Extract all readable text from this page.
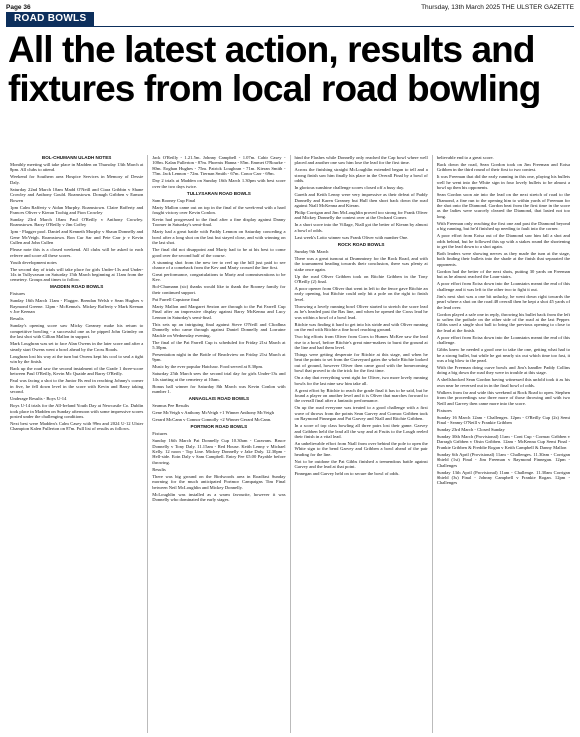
Page 36	Thursday, 13th March 2025 THE ULSTER GAZETTE
ROAD BOWLS
All the latest action, results and
fixtures from local road bowling

BOL-CHUMANN ULADH NOTES

Monthly meeting will take place in Madden on Thursday 13th March at 8pm. All clubs to attend.

Weekend for Southern area Hospice Services in Memory of Dessie Daly.

Saturday 22nd March 10am Madd O'Neill and Ciara Gribbin v Shane Crowley and Anthony Gould. Roamstown. Donagh Gribben v Eamon Bowen

1pm Calm Rafferty v Aidan Murphy. Roamstown. Claire Rafferty and Frances Oliver v Kieran Toohig and Fion Crowley

Sunday 23rd March 10am Paul O'Reilly v Anthony Crowley. Roamstown. Barry O'Reilly v Jim Coffey

1pm - Flagger pool. Daniel and Kenneth Murphy v Shaun Donnelly and Gene McVeigh. Roamstown. Ron Cur Sar and Pete Carr jr v Kevin Cullen and John Cullen

Please note this is a closed weekend. All clubs will be asked to each referee and score all these scores.

Youth development notes

The second day of trials will take place for girls Under-13s and Under-14s in Tullyvarsan on Saturday 15th March beginning at 11am from the cemetery. Groups and times to follow.

MADDEN ROAD BOWLS

Fixtures

Sunday 16th March 11am - Flagger. Brendan Welsh v Sean Hughes v Raymond Greene. 12pm - McKenna's. Mickey Rafferty v Mark Keenan v Joe Keenan

Results

Sunday's opening score saw Micky Greaney make his return to competitive bowling - a successful one as he pipped John Grimley on the last shot with Cillian Mallon in support.

Mark Loughran was set to face Alan Owens in the later score and after a steady start Owens went a bowl ahead by the Cross Roads.

Loughran lost his way at the turn but Owens kept his cool to seal a tight win by the finish.

Back up the road saw the second instalment of the Grade 1 three-score between Paul O'Reilly, Kevin Mc Quaide and Barry O'Reilly.

Paul was facing a shot to the Junior Bs end in reaching Johnny's corner in five, he fell down level in the score with Kevin and Barry taking second.

Underage Results - Boys U-14

Boys U-14 trials for the All-Ireland Youth Day at Newcastle Co. Dublin took place in Madden on Sunday afternoon with some impressive scores posted under the challenging conditions.

Next best were Madden's Calm Casey with 99m and 2024 U-12 Ulster Champion Kalen Fullerton on 87m. Full list of results as follows.

Jack O'Reilly - 1.21.5m. Johnny Campbell - 1.07m. Cahir Casey - 100m. Kalan Fullerton - 87m. Phoenix Hanna - 85m. Emmet O'Rourke - 80m. Eoghan Hughes - 75m. Patrick Loughran - 71m. Kieran Smith - 75m. Jack Lennon - 72m. Tiernan Smith - 67m. Conor Carr - 69m.

Day 2 trials at Madden on Sunday 16th March 1.30pm with best score over the two days twice.

TULLYSARAN ROAD BOWLS

Sam Rooney Cup Final

Marty Mallon came out on top in the final of the week-end with a hard fought victory over Kevin Conlon.

Kevin had progressed to the final after a fine display against Danny Toomer in Saturday's semi-final.

Marty had a great battle with Paddy Lennon on Saturday conceding a bowl after a long shot on the last but stayed close, and with winning on the last shot.

The final did not disappoint and Marty had to be at his best to come good over the second half of the course.

A stunning shot from the new tee to reel up the hill just paid to see chance of a comeback from the Kev and Marty crossed the line first.

Great performance, congratulations to Marty and commiserations to be Kev.

Bol-Chumann (sic) thanks would like to thank the Rooney family for their continued support.

Pat Farrell Capstone final

Marty Mallon and Margaret Sexton are through to the Pat Farrell Cup Final after an impressive display against Barry McKenna and Lucy Lennon in Saturday's semi-final.

This sets up an intriguing final against Steve O'Neill and Cliodhna Donnelly who came through against Daniel Donnelly and Lorraine Mackle on Wednesday evening.

The final of the Pat Farrell Cup is scheduled for Friday 21st March at 5.30pm.

Presentation night in the Bottle of Beachview on Friday 21st March at 9pm.

Music by the ever popular Hatchaw. Food served at 8.30pm.

Saturday 25th March sees the second trial day for girls Under-13s and 14s starting at the cemetery at 10am.

Bonus ball winner for Saturday 8th March was Kevin Conlon with number 1.

ANNAGLAIS ROAD BOWLS

Seamus Pee Results

Gene McVeigh v Anthony McVeigh +1 Winner Anthony McVeigh

Gerard McCann v Connor Connolly +2 Winner Gerard McCann.

PORTMOR ROAD BOWLS

Fixtures

Sunday 16th March Pat Donnelly Cup 10.30am - Caravans. Bruce Donnelly v Tony Daly. 11.15am - Red House. Keith Lenny v Michael Kelly. 12 noon - Top Line. Mickey Donnelly v Jake Daly. 12.30pm - Hell-side. Eoin Daly v Sam Campbell. Entry Fee £5.00 Payable before throwing.

Results

There was big ground on the Birdwoods area in Roadfast Sunday morning for the much anticipated Portmor Campaigns Tim Final between Neil McLoughlin and Mickey Donnelly.

McLoughlin was installed as a warm favourite, however it was Donnelly who dominated the early stages.

hind the Flashes while Donnelly only reached the Cap bowl where well placed and another one saw him lose the lead for the first time.

Across the finishing straight McLoughlin extended began to tell and a strong finish saw him finally his place in the Overall Final by a bowl of odds.

In glorious sunshine challenge scores closed off a busy day.

Gareth and Keith Lenny were very impressive as their defeat of Paddy Donnelly and Karen Greaney but Hull then short back down the road against Niall McKenna and Kieran.

Philip Corrigan and Jim McLoughlin proved too strong for Frank Oliver and Mickey Donnelly the contest over at the Orchard Corner.

In a short score into the Village, Niall got the better of Kieran by almost a bowl of odds.

Last week's Lotto winner was Frank Oliver with number One.

ROCK ROAD BOWLS

Sunday 9th March

There was a great turnout at Drumminey for the Rock Road, and with the tournament heading towards their conclusion, there was plenty at stake once again.

Up the road Oliver Gribben took on Ritchie Gribben in the Tony O'Reilly (2) final.

A poor opener from Oliver that went in left to the fence gave Ritchie an early opening, but Ritchie could only hit a pole on the right to finish level.

Throwing a lovely running bowl Oliver started to stretch the score lead as he's headed past the Bas line, and when he opened the Cross lead he was within a bowl of a bowl lead.

Ritchie was finding it hard to get into his stride and with Oliver running on the end with Ritchie a fine bowl reaching ground.

Two big efforts from Oliver from Corrs to Humes McKee saw the lead rise to a bowl, before Ritchie's great nine-makers to burst the ground at the line and had them level.

Things were getting desperate for Ritchie at this stage, and when he beat the points to set from the Graveyard gates the whole Ritchie looked out of ground, however Oliver then came good with the homecoming bowl that proved to do the trick for the first time.

On a day that everything went right for Oliver, two more lovely running bowls for the last nine saw him take all.

A great effort by Ritchie to reach the grade final it has to be said, but he found a player on another level and it is Oliver that marches forward to the overall final after a fantastic performance.

On up the road everyone was treated to a good challenge with a first wave of throws from the points Sean Garvey and Cormac Gribben took on Raymond Finnegan and Pat Garvey and Niall and Ritchie Gribben.

In a score of top class bowling all three pairs lost their game. Garvey and Gribben held the lead all the way and at Fruits to the Lough reeled their finish in a vital lead.

An unbelievable effort from Niall from over behind the pole to open the White sign to the bend Garvey and Gribben a bowl ahead of the pair heading for the line.

Not to be outdone the Pat Gibbs finished a tremendous battle against Garvey and the lead at that point.

Finnegan and Garvey held on to secure the bowl of odds.

believable end to a great score.

Back down the road, Sean Gordon took on Jim Freeman and Eoisa Gribben in the third round of their first to two contest.

It was Freeman that did the early running in this one, playing his bullets well he went into the White sign in four lovely bullets to be almost a bowl up then his opponents.

Sean Gordon soon ate into the lead on the next stretch of road to the Diamond, a fine run to the opening him to within yards of Freeman for the shot onto the Diamond. Gordon beat from the first time in the score as the ladies were scarcely cleared the Diamond, that lasted not too long.

With Freeman only reaching the first one and past the Diamond beyond a big running, but he'd finished up needing to fault into the corner.

A poor effort from Eoisa out of the Diamond saw him fall a shot and odds behind, but he followed this up with a stakes round the shortening to get the lead down to a shot again.

Both leaders were showing nerves as they made the turn at the stage, both finding their bullets into the shade at the finish that separated the opponents.

Gordon had the better of the next shots, putting 30 yards on Freeman but as he almost reached the Loan-stairs.

A poor effort from Eoisa down into the Loanstairs meant the end of this challenge and it was left to the other two to fight it out.

Jim's next shot was a one bit unlucky, he went down right towards the pearl where a shot on the road 48 overall then he kept a shot 45 yards of the lead over.

Gordon played a safe one in reply, throwing his bullet back from the left to soften the pothole on the other side of the road at the last Pepper. Gibbs used a single shot ball to bring the previous opening to close to the lead at the finish.

A poor effort from Eoisa down into the Loanstairs meant the end of this challenge.

Gibbs knew he needed a good one to take the one, getting what had to be a strong bullet, but while he got nearly six out which time too fast, it was a big blow to the pearl.

With the Freeman doing curve bowls and Jim's handler Paddy Collins doing a big down the road they were in trouble at this stage.

A shellshocked Sean Gordon having witnessed this unfold took it as his own near he reversed out in in the final bowl of odds.

Walkers from far and wide this weekend at Rock Road to open. Stephen from the proceedings saw three more of those throwing and with two Neill and Garvey then came more into the score.

Fixtures

Sunday 16 March 12am - Challenges. 12pm - O'Reilly Cup (2s) Semi Final - Seamy O'Neill v Frankie Gribben

Sunday 23rd March - Closed Sunday

Sunday 30th March (Provisional) 11am - Cont Cup - Cormac Gribben v Darragh Gribben v Oisin Gribben. 12am - McKenna Cup Semi Final - Frankie Gribben & Freddie Rogan v Keith Campbell & Danny Mallon

Sunday 6th April (Provisional) 11am - Challenges. 11.30am - Corrigan Shield (1st) Final - Jim Freeman v Raymond Finnegan. 12pm - Challenges

Sunday 13th April (Provisional) 11am - Challenge. 11.30am Corrigan Shield (3s) Final - Johnny Campbell v Frankie Rogan. 12pm - Challenges
